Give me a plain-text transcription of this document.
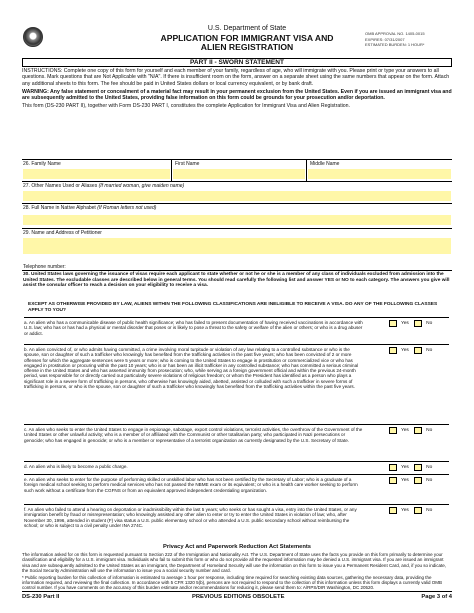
U.S. Department of State
APPLICATION FOR IMMIGRANT VISA AND
ALIEN REGISTRATION
OMB APPROVAL NO. 1405-0015
EXPIRES: 07/31/2007
ESTIMATED BURDEN: 1 HOUR*
PART II - SWORN STATEMENT

INSTRUCTIONS: Complete one copy of this form for yourself and each member of your family, regardless of age, who will immigrate with you. Please print or type your answers to all questions. Mark questions that are Not Applicable with "N/A". If there is insufficient room on the form, answer on a separate sheet using the same numbers that appear on the form. Attach any additional sheets to this form. The fee should be paid in United States dollars or local currency equivalent, or by bank draft.

WARNING: Any false statement or concealment of a material fact may result in your permanent exclusion from the United States. Even if you are issued an immigrant visa and are subsequently admitted to the United States, providing false information on this form could be grounds for your prosecution and/or deportation.

This form (DS-230 PART II), together with Form DS-230 PART I, constitutes the complete Application for Immigrant Visa and Alien Registration.

26. Family Name	First Name	Middle Name
27. Other Names Used or Aliases (If married woman, give maiden name)
28. Full Name in Native Alphabet (If Roman letters not used)
29. Name and Address of Petitioner
Telephone number:
30. United States laws governing the issuance of visas require each applicant to state whether or not he or she is a member of any class of individuals excluded from admission into the United States. The excludable classes are described below in general terms. You should read carefully the following list and answer YES or NO to each category. The answers you give will assist the consular officer to reach a decision on your eligibility to receive a visa.
EXCEPT AS OTHERWISE PROVIDED BY LAW, ALIENS WITHIN THE FOLLOWING CLASSIFICATIONS ARE INELIGIBLE TO RECEIVE A VISA. DO ANY OF THE FOLLOWING CLASSES APPLY TO YOU?
a. An alien who has a communicable disease of public health significance; who has failed to present documentation of having received vaccinations in accordance with U.S. law; who has or has had a physical or mental disorder that poses or is likely to pose a threat to the safety or welfare of the alien or others; or who is a drug abuser or addict.
Yes	No
b. An alien convicted of, or who admits having committed, a crime involving moral turpitude or violation of any law relating to a controlled substance or who is the spouse, son or daughter of such a trafficker who knowingly has benefited from the trafficking activities in the past five years; who has been convicted of 2 or more offenses for which the aggregate sentences were 5 years or more; who is coming to the United States to engage in prostitution or commercialized vice or who has engaged in prostitution or procuring within the past 10 years; who is or has been an illicit trafficker in any controlled substance; who has committed a serious criminal offense in the United States and who has asserted immunity from prosecution; who, while serving as a foreign government official and within the previous 24-month period, was responsible for or directly carried out particularly severe violations of religious freedom; or whom the President has identified as a person who plays a significant role in a severe form of trafficking in persons, who otherwise has knowingly aided, abetted, assisted or colluded with such a trafficker in severe forms of trafficking in persons, or who is the spouse, son or daughter of such a trafficker who knowingly has benefited from the trafficking activities within the past five years.
Yes	No
c. An alien who seeks to enter the United States to engage in espionage, sabotage, export control violations, terrorist activities, the overthrow of the Government of the United States or other unlawful activity; who is a member of or affiliated with the Communist or other totalitarian party; who participated in Nazi persecutions or genocide; who has engaged in genocide; or who is a member or representative of a terrorist organization as currently designated by the U.S. Secretary of State.
Yes	No
d. An alien who is likely to become a public charge.	Yes	No
e. An alien who seeks to enter for the purpose of performing skilled or unskilled labor who has not been certified by the Secretary of Labor; who is a graduate of a foreign medical school seeking to perform medical services who has not passed the NBME exam or its equivalent; or who is a health care worker seeking to perform such work without a certificate from the CGFNS or from an equivalent approved independent credentialing organization.
Yes	No
f. An alien who failed to attend a hearing on deportation or inadmissibility within the last 5 years; who seeks or has sought a visa, entry into the United States, or any immigration benefit by fraud or misrepresentation; who knowingly assisted any other alien to enter or try to enter the United States in violation of law; who, after November 30, 1996, attended in student (F) visa status a U.S. public elementary school or who attended a U.S. public secondary school without reimbursing the school; or who is subject to a civil penalty under INA 274C.
Yes	No
Privacy Act and Paperwork Reduction Act Statements

The information asked for on this form is requested pursuant to Section 222 of the Immigration and Nationality Act. The U.S. Department of State uses the facts you provide on this form primarily to determine your classification and eligibility for a U.S. immigrant visa. Individuals who fail to submit this form or who do not provide all the requested information may be denied a U.S. immigrant visa. If you are issued an immigrant visa and are subsequently admitted to the United States as an immigrant, the Department of Homeland Security will use the information on this form to issue you a Permanent Resident Card, and, if you so indicate, the Social Security Administration will use the information to issue you a social security number and card.

* Public reporting burden for this collection of information is estimated to average 1 hour per response, including time required for searching existing data sources, gathering the necessary data, providing the information required, and reviewing the final collection. In accordance with 5 CFR 1320 5(b), persons are not required to respond to the collection of this information unless this form displays a currently valid OMB control number. If you have comments on the accuracy of this burden estimate and/or recommendations for reducing it, please send them to: A/RPS/DIR Washington, DC 20520.

DS-230 Part II	PREVIOUS EDITIONS OBSOLETE	Page 3 of 4
